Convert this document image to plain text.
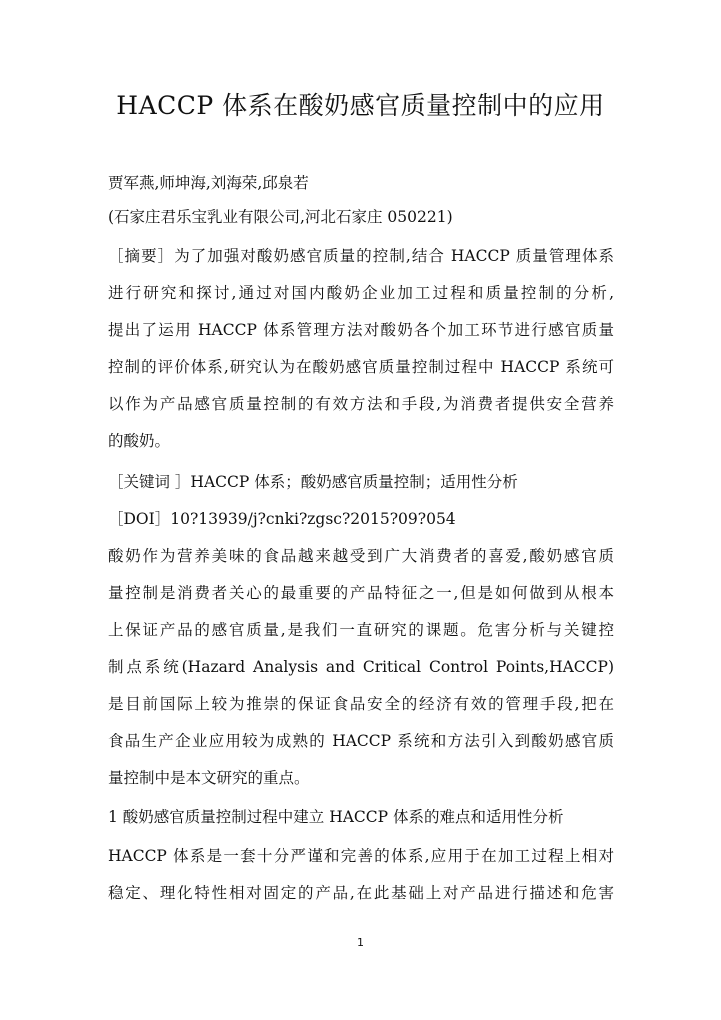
HACCP 体系在酸奶感官质量控制中的应用
贾军燕,师坤海,刘海荣,邱泉若
(石家庄君乐宝乳业有限公司,河北石家庄 050221)
［摘要］为了加强对酸奶感官质量的控制,结合 HACCP 质量管理体系
进行研究和探讨,通过对国内酸奶企业加工过程和质量控制的分析,
提出了运用 HACCP 体系管理方法对酸奶各个加工环节进行感官质量
控制的评价体系,研究认为在酸奶感官质量控制过程中 HACCP 系统可
以作为产品感官质量控制的有效方法和手段,为消费者提供安全营养
的酸奶。
［关键词 ］HACCP 体系；酸奶感官质量控制；适用性分析
［DOI］10?13939/j?cnki?zgsc?2015?09?054
酸奶作为营养美味的食品越来越受到广大消费者的喜爱,酸奶感官质
量控制是消费者关心的最重要的产品特征之一,但是如何做到从根本
上保证产品的感官质量,是我们一直研究的课题。危害分析与关键控
制点系统(Hazard Analysis and Critical Control Points,HACCP)
是目前国际上较为推崇的保证食品安全的经济有效的管理手段,把在
食品生产企业应用较为成熟的 HACCP 系统和方法引入到酸奶感官质
量控制中是本文研究的重点。
1 酸奶感官质量控制过程中建立 HACCP 体系的难点和适用性分析
HACCP 体系是一套十分严谨和完善的体系,应用于在加工过程上相对
稳定、理化特性相对固定的产品,在此基础上对产品进行描述和危害
1
